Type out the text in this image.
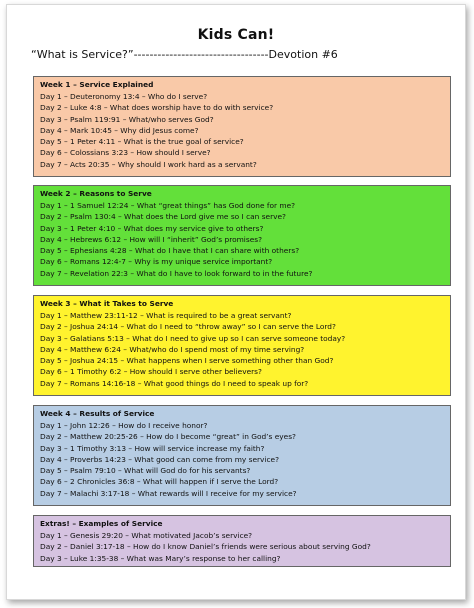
Kids Can!
“What is Service?”----------------------------------Devotion #6
Week 1 – Service Explained
Day 1 – Deuteronomy 13:4 – Who do I serve?
Day 2 – Luke 4:8 – What does worship have to do with service?
Day 3 – Psalm 119:91 – What/who serves God?
Day 4 – Mark 10:45 – Why did Jesus come?
Day 5 – 1 Peter 4:11 – What is the true goal of service?
Day 6 – Colossians 3:23 – How should I serve?
Day 7 – Acts 20:35 – Why should I work hard as a servant?
Week 2 – Reasons to Serve
Day 1 – 1 Samuel 12:24 – What “great things” has God done for me?
Day 2 – Psalm 130:4 – What does the Lord give me so I can serve?
Day 3 – 1 Peter 4:10 – What does my service give to others?
Day 4 – Hebrews 6:12 – How will I “inherit” God’s promises?
Day 5 – Ephesians 4:28 – What do I have that I can share with others?
Day 6 – Romans 12:4-7 – Why is my unique service important?
Day 7 – Revelation 22:3 – What do I have to look forward to in the future?
Week 3 – What it Takes to Serve
Day 1 – Matthew 23:11-12 – What is required to be a great servant?
Day 2 – Joshua 24:14 – What do I need to “throw away” so I can serve the Lord?
Day 3 – Galatians 5:13 – What do I need to give up so I can serve someone today?
Day 4 – Matthew 6:24 – What/who do I spend most of my time serving?
Day 5 – Joshua 24:15 – What happens when I serve something other than God?
Day 6 – 1 Timothy 6:2 – How should I serve other believers?
Day 7 – Romans 14:16-18 – What good things do I need to speak up for?
Week 4 – Results of Service
Day 1 – John 12:26 – How do I receive honor?
Day 2 – Matthew 20:25-26 – How do I become “great” in God’s eyes?
Day 3 – 1 Timothy 3:13 – How will service increase my faith?
Day 4 – Proverbs 14:23 – What good can come from my service?
Day 5 – Psalm 79:10 – What will God do for his servants?
Day 6 – 2 Chronicles 36:8 – What will happen if I serve the Lord?
Day 7 – Malachi 3:17-18 – What rewards will I receive for my service?
Extras! – Examples of Service
Day 1 – Genesis 29:20 – What motivated Jacob’s service?
Day 2 – Daniel 3:17-18 – How do I know Daniel’s friends were serious about serving God?
Day 3 – Luke 1:35-38 – What was Mary’s response to her calling?
